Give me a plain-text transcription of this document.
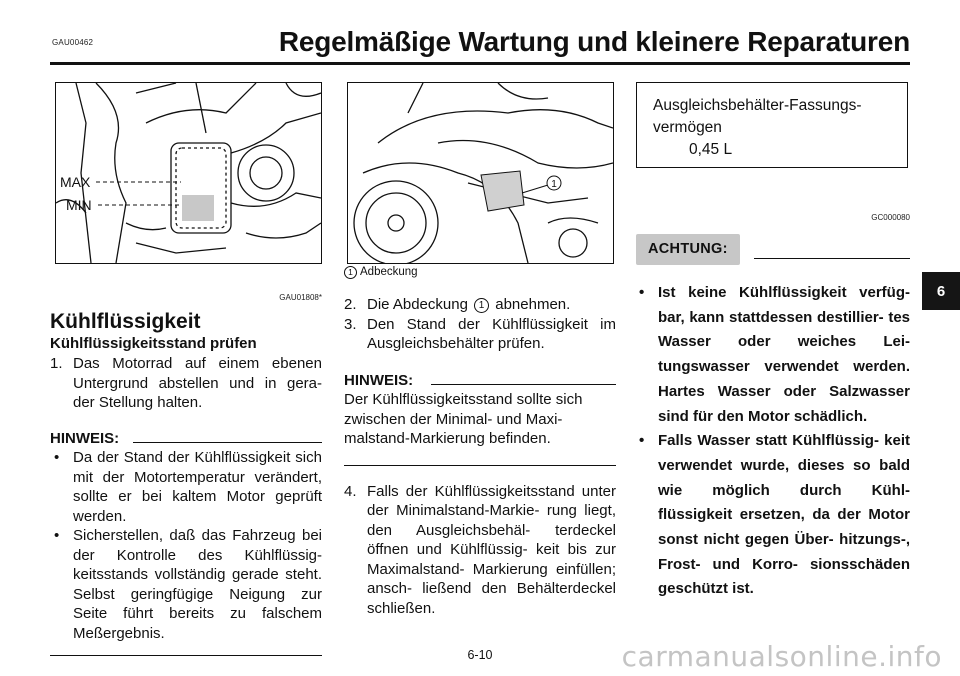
GAU00462	Regelmäßige Wartung und kleinere Reparaturen
MAX
MIN
1
GAU01808*
Kühlflüssigkeit
Kühlflüssigkeitsstand prüfen
1. Das Motorrad auf einem ebenen Untergrund abstellen und in gera- der Stellung halten.
HINWEIS:
• Da der Stand der Kühlflüssigkeit sich mit der Motortemperatur verändert, sollte er bei kaltem Motor geprüft werden.
• Sicherstellen, daß das Fahrzeug bei der Kontrolle des Kühlflüssig- keitsstands vollständig gerade steht. Selbst geringfügige Neigung zur Seite führt bereits zu falschem Meßergebnis.
1 Adbeckung
2. Die Abdeckung 1 abnehmen.
3. Den Stand der Kühlflüssigkeit im Ausgleichsbehälter prüfen.
HINWEIS:
Der Kühlflüssigkeitsstand sollte sich zwischen der Minimal- und Maxi- malstand-Markierung befinden.
4. Falls der Kühlflüssigkeitsstand unter der Minimalstand-Markie- rung liegt, den Ausgleichsbehäl- terdeckel öffnen und Kühlflüssig- keit bis zur Maximalstand- Markierung einfüllen; ansch- ließend den Behälterdeckel schließen.
Ausgleichsbehälter-Fassungs-
vermögen
0,45 L
GC000080
ACHTUNG:
• Ist keine Kühlflüssigkeit verfüg- bar, kann stattdessen destillier- tes Wasser oder weiches Lei- tungswasser verwendet werden. Hartes Wasser oder Salzwasser sind für den Motor schädlich.
• Falls Wasser statt Kühlflüssig- keit verwendet wurde, dieses so bald wie möglich durch Kühl- flüssigkeit ersetzen, da der Motor sonst nicht gegen Über- hitzungs-, Frost- und Korro- sionsschäden geschützt ist.
6
6-10	carmanualsonline.info
